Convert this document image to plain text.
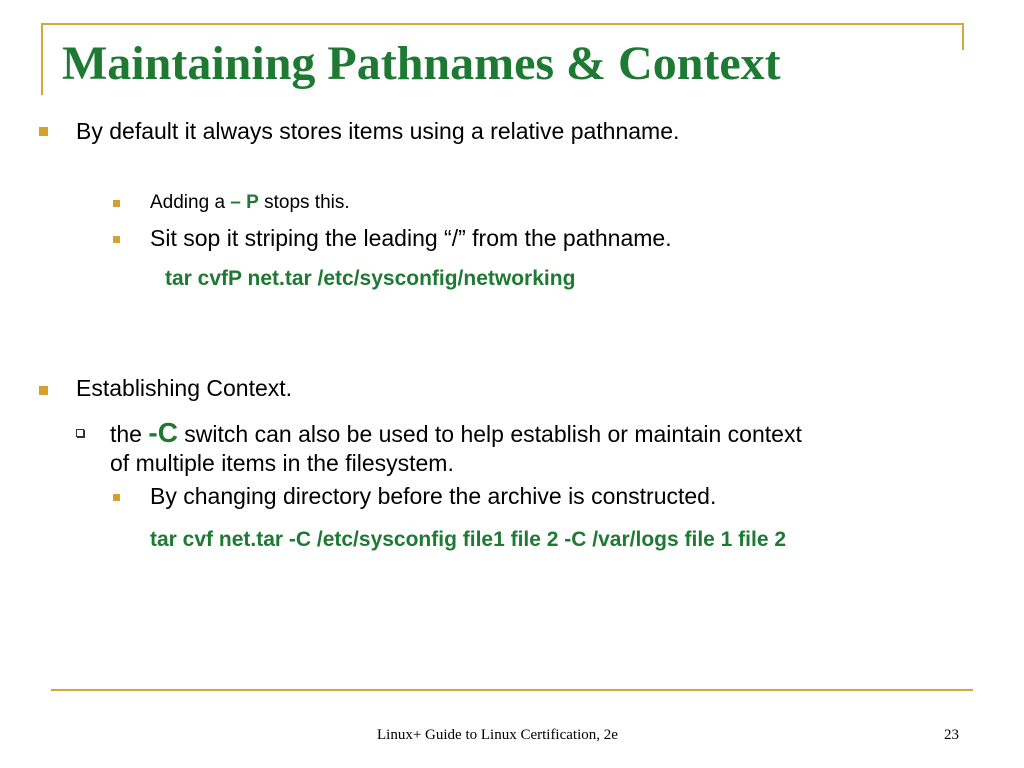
Maintaining Pathnames & Context
By default it always stores items using a relative pathname.
Adding a – P stops this.
Sit sop it striping the leading “/” from the pathname.
tar cvfP net.tar /etc/sysconfig/networking
Establishing Context.
the -C switch can also be used to help establish or maintain context
of multiple items in the filesystem.
By changing directory before the archive is constructed.
tar cvf net.tar -C /etc/sysconfig file1 file 2 -C /var/logs file 1 file 2
Linux+ Guide to Linux Certification, 2e	23
